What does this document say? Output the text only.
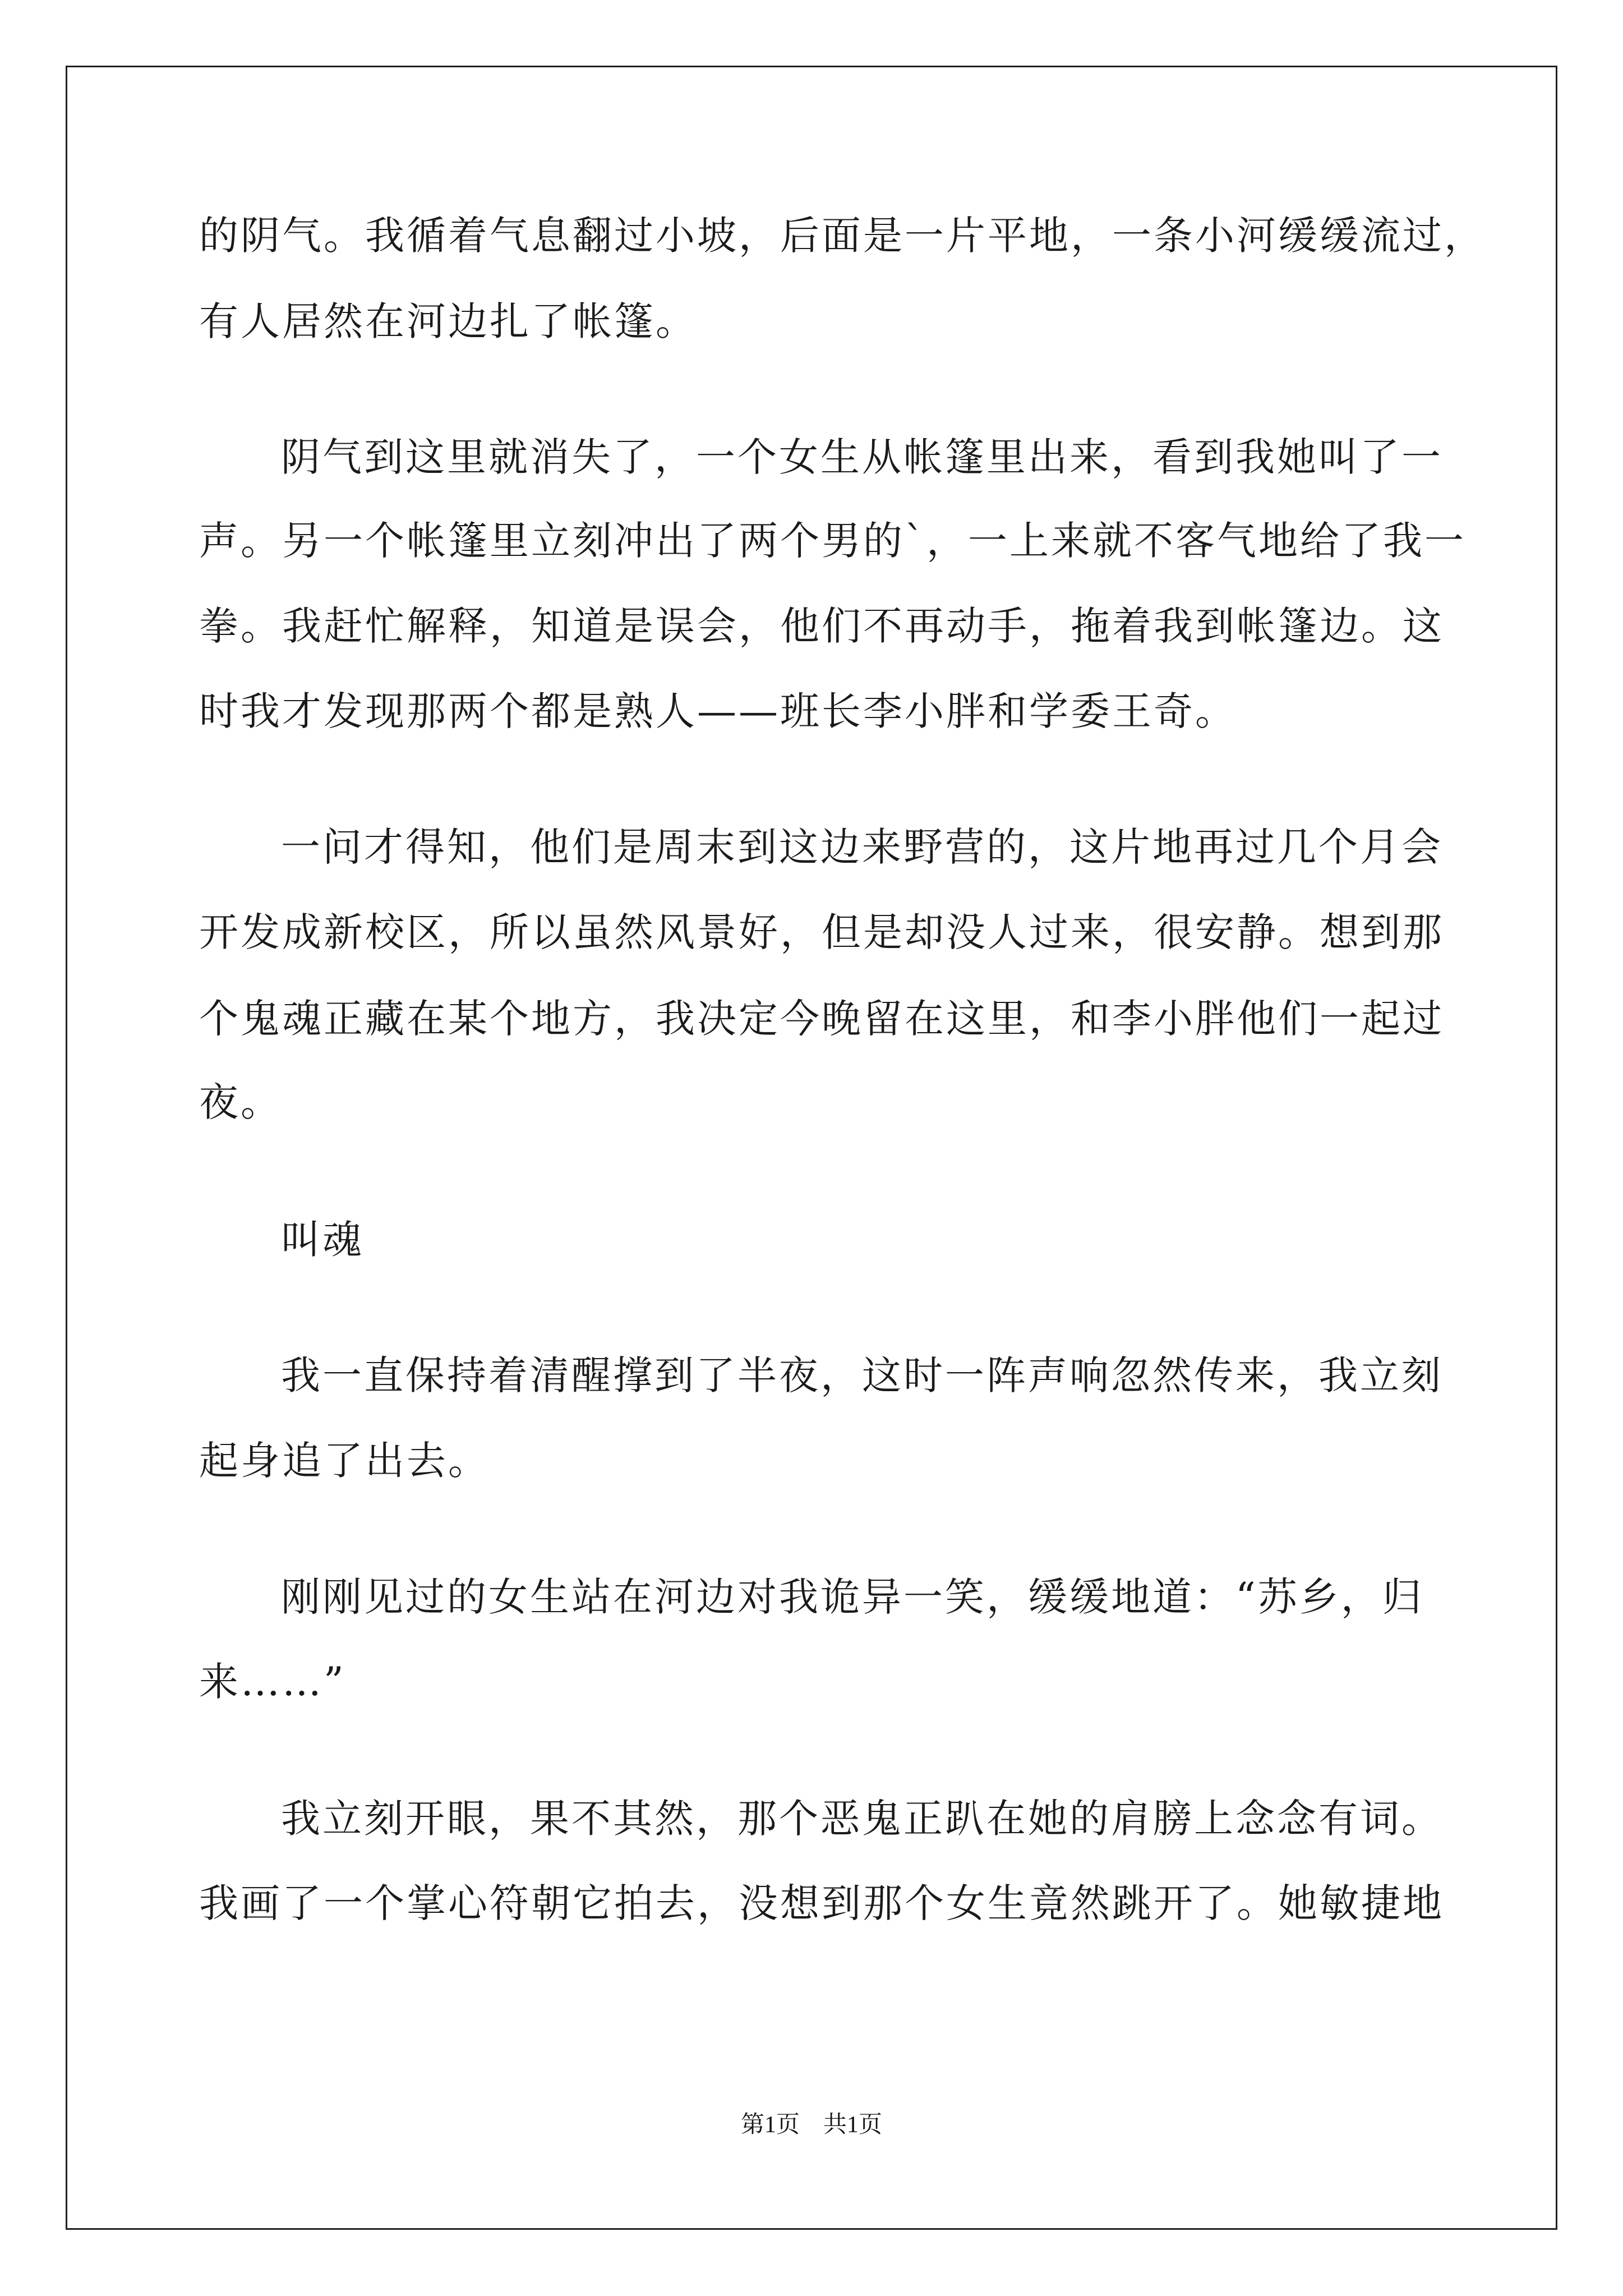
的阴气。我循着气息翻过小坡，后面是一片平地，一条小河缓缓流过，
有人居然在河边扎了帐篷。
阴气到这里就消失了，一个女生从帐篷里出来，看到我她叫了一
声。另一个帐篷里立刻冲出了两个男的`，一上来就不客气地给了我一
拳。我赶忙解释，知道是误会，他们不再动手，拖着我到帐篷边。这
时我才发现那两个都是熟人——班长李小胖和学委王奇。
一问才得知，他们是周末到这边来野营的，这片地再过几个月会
开发成新校区，所以虽然风景好，但是却没人过来，很安静。想到那
个鬼魂正藏在某个地方，我决定今晚留在这里，和李小胖他们一起过
夜。
叫魂
我一直保持着清醒撑到了半夜，这时一阵声响忽然传来，我立刻
起身追了出去。
刚刚见过的女生站在河边对我诡异一笑，缓缓地道：“苏乡，归
来……”
我立刻开眼，果不其然，那个恶鬼正趴在她的肩膀上念念有词。
我画了一个掌心符朝它拍去，没想到那个女生竟然跳开了。她敏捷地
第1页　共1页
